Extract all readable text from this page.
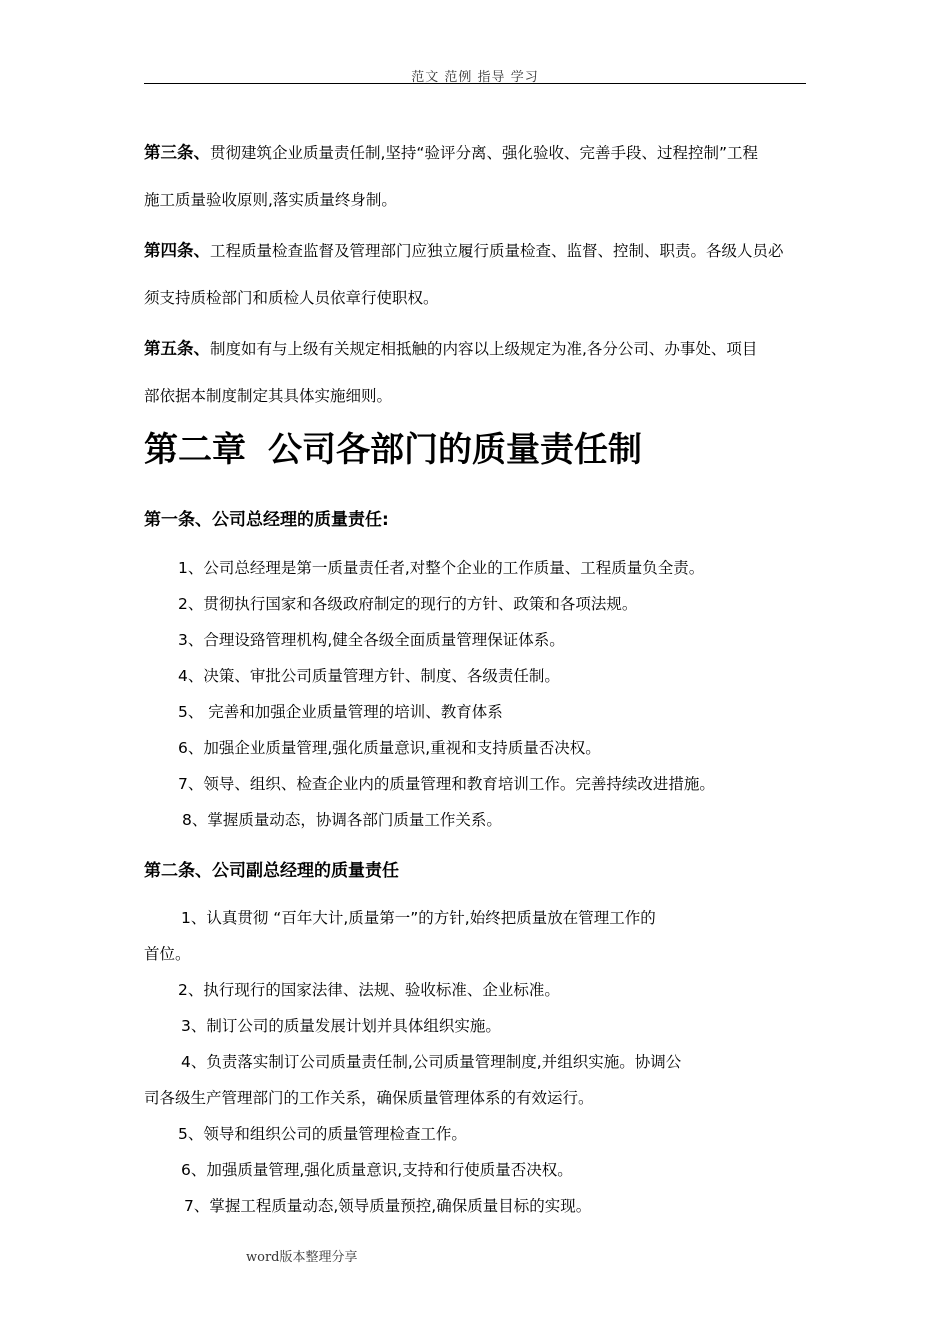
范文 范例 指导 学习
第三条、贯彻建筑企业质量责任制,坚持“验评分离、强化验收、完善手段、过程控制”工程
施工质量验收原则,落实质量终身制。
第四条、工程质量检查监督及管理部门应独立履行质量检查、监督、控制、职责。各级人员必
须支持质检部门和质检人员依章行使职权。
第五条、制度如有与上级有关规定相抵触的内容以上级规定为准,各分公司、办事处、项目
部依据本制度制定其具体实施细则。
第二章 公司各部门的质量责任制
第一条、公司总经理的质量责任:
1、公司总经理是第一质量责任者,对整个企业的工作质量、工程质量负全责。
2、贯彻执行国家和各级政府制定的现行的方针、政策和各项法规。
3、合理设臵管理机构,健全各级全面质量管理保证体系。
4、决策、审批公司质量管理方针、制度、各级责任制。
5、 完善和加强企业质量管理的培训、教育体系
6、加强企业质量管理,强化质量意识,重视和支持质量否决权。
7、领导、组织、检查企业内的质量管理和教育培训工作。完善持续改进措施。
8、掌握质量动态，协调各部门质量工作关系。
第二条、公司副总经理的质量责任
1、认真贯彻 “百年大计,质量第一”的方针,始终把质量放在管理工作的
首位。
2、执行现行的国家法律、法规、验收标准、企业标准。
3、制订公司的质量发展计划并具体组织实施。
4、负责落实制订公司质量责任制,公司质量管理制度,并组织实施。协调公
司各级生产管理部门的工作关系，确保质量管理体系的有效运行。
5、领导和组织公司的质量管理检查工作。
6、加强质量管理,强化质量意识,支持和行使质量否决权。
7、掌握工程质量动态,领导质量预控,确保质量目标的实现。
word版本整理分享
